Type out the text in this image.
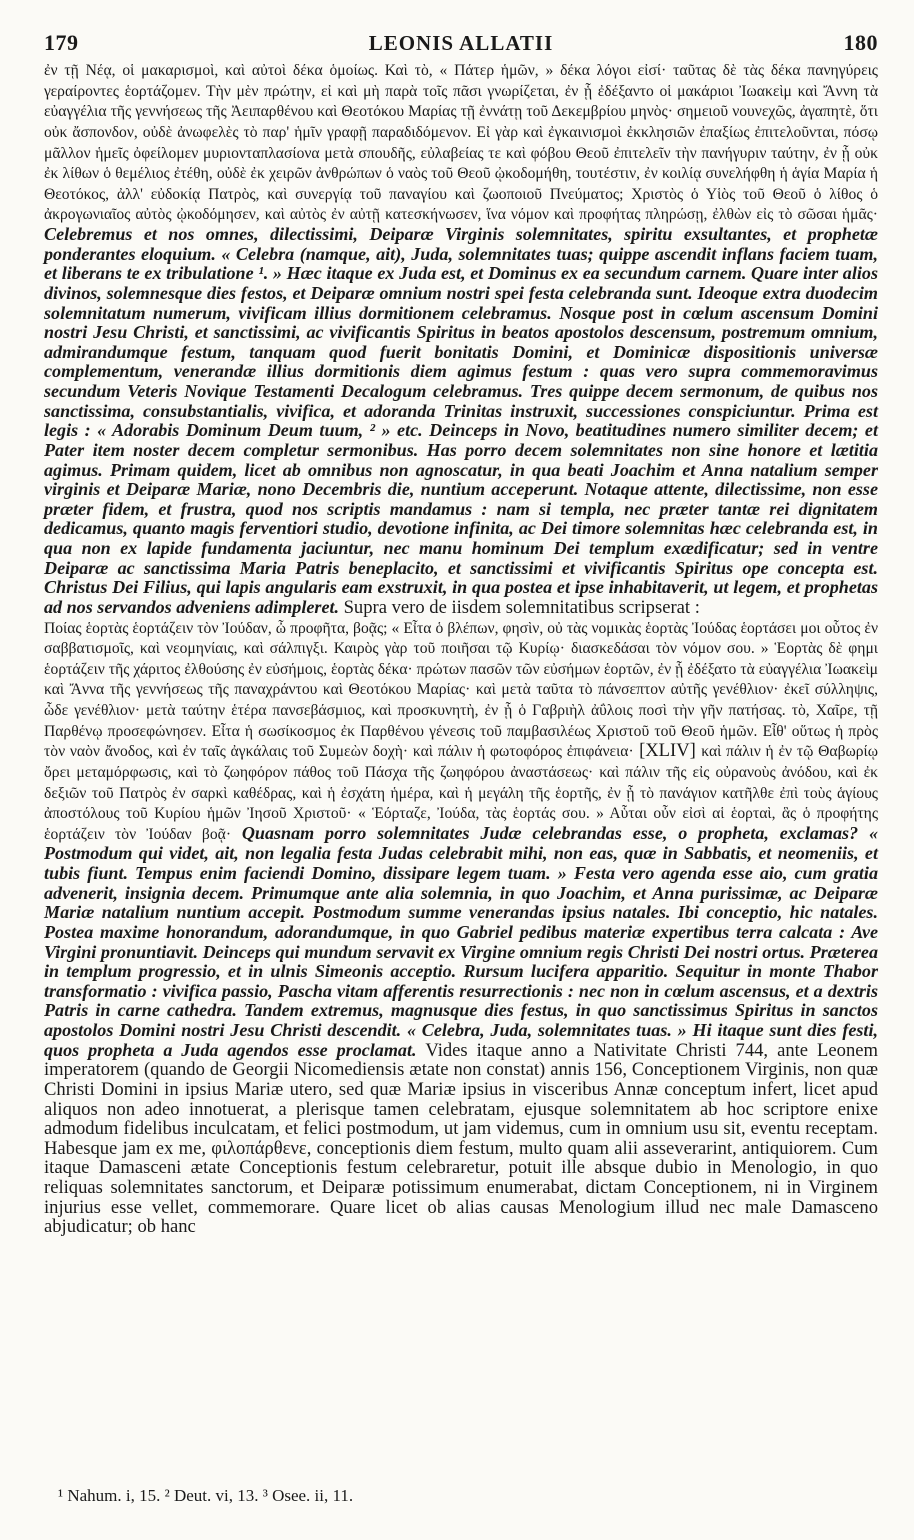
179	LEONIS ALLATII	180

ἐν τῇ Νέᾳ, οἱ μακαρισμοὶ, καὶ αὐτοὶ δέκα ὁμοίως. Καὶ τὸ, « Πάτερ ἡμῶν, » δέκα λόγοι εἰσί· ταῦτας δὲ τὰς δέκα πανηγύρεις γεραίροντες ἑορτάζομεν. Τὴν μὲν πρώτην, εἰ καὶ μὴ παρὰ τοῖς πᾶσι γνωρίζεται, ἐν ᾗ ἐδέξαντο οἱ μακάριοι Ἰωακεὶμ καὶ Ἄννη τὰ εὐαγγέλια τῆς γεννήσεως τῆς Ἀειπαρθένου καὶ Θεοτόκου Μαρίας τῇ ἐννάτῃ τοῦ Δεκεμβρίου μηνὸς· σημειοῦ νουνεχῶς, ἀγαπητὲ, ὅτι οὐκ ἄσπονδον, οὐδὲ ἀνωφελὲς τὸ παρ' ἡμῖν γραφῇ παραδιδόμενον. Εἰ γὰρ καὶ ἐγκαινισμοὶ ἐκκλησιῶν ἐπαξίως ἐπιτελοῦνται, πόσῳ μᾶλλον ἡμεῖς ὀφείλομεν μυριονταπλασίονα μετὰ σπουδῆς, εὐλαβείας τε καὶ φόβου Θεοῦ ἐπιτελεῖν τὴν πανήγυριν ταύτην, ἐν ᾗ οὐκ ἐκ λίθων ὁ θεμέλιος ἐτέθη, οὐδὲ ἐκ χειρῶν ἀνθρώπων ὁ ναὸς τοῦ Θεοῦ ᾠκοδομήθη, τουτέστιν, ἐν κοιλίᾳ συνελήφθη ἡ ἁγία Μαρία ἡ Θεοτόκος, ἀλλ' εὐδοκίᾳ Πατρὸς, καὶ συνεργίᾳ τοῦ παναγίου καὶ ζωοποιοῦ Πνεύματος; Χριστὸς ὁ Υἱὸς τοῦ Θεοῦ ὁ λίθος ὁ ἀκρογωνιαῖος αὐτὸς ᾠκοδόμησεν, καὶ αὐτὸς ἐν αὐτῇ κατεσκήνωσεν, ἵνα νόμον καὶ προφήτας πληρώσῃ, ἐλθὼν εἰς τὸ σῶσαι ἡμᾶς· Celebremus et nos omnes, dilectissimi, Deiparæ Virginis solemnitates, spiritu exsultantes, et prophetæ ponderantes eloquium. « Celebra (namque, ait), Juda, solemnitates tuas; quippe ascendit inflans faciem tuam, et liberans te ex tribulatione ¹. » Hæc itaque ex Juda est, et Dominus ex ea secundum carnem. Quare inter alios divinos, solemnesque dies festos, et Deiparæ omnium nostri spei festa celebranda sunt. Ideoque extra duodecim solemnitatum numerum, vivificam illius dormitionem celebramus. Nosque post in cœlum ascensum Domini nostri Jesu Christi, et sanctissimi, ac vivificantis Spiritus in beatos apostolos descensum, postremum omnium, admirandumque festum, tanquam quod fuerit bonitatis Domini, et Dominicæ dispositionis universæ complementum, venerandæ illius dormitionis diem agimus festum : quas vero supra commemoravimus secundum Veteris Novique Testamenti Decalogum celebramus. Tres quippe decem sermonum, de quibus nos sanctissima, consubstantialis, vivifica, et adoranda Trinitas instruxit, successiones conspiciuntur. Prima est legis : « Adorabis Dominum Deum tuum, ² » etc. Deinceps in Novo, beatitudines numero similiter decem; et Pater item noster decem completur sermonibus. Has porro decem solemnitates non sine honore et lætitia agimus. Primam quidem, licet ab omnibus non agnoscatur, in qua beati Joachim et Anna natalium semper virginis et Deiparæ Mariæ, nono Decembris die, nuntium acceperunt. Notaque attente, dilectissime, non esse præter fidem, et frustra, quod nos scriptis mandamus : nam si templa, nec præter tantæ rei dignitatem dedicamus, quanto magis ferventiori studio, devotione infinita, ac Dei timore solemnitas hæc celebranda est, in qua non ex lapide fundamenta jaciuntur, nec manu hominum Dei templum exædificatur; sed in ventre Deiparæ ac sanctissima Maria Patris beneplacito, et sanctissimi et vivificantis Spiritus ope concepta est. Christus Dei Filius, qui lapis angularis eam exstruxit, in qua postea et ipse inhabitaverit, ut legem, et prophetas ad nos servandos adveniens adimpleret. Supra vero de iisdem solemnitatibus scripserat :

Ποίας ἑορτὰς ἑορτάζειν τὸν Ἰούδαν, ὦ προφῆτα, βοᾷς; « Εἶτα ὁ βλέπων, φησὶν, οὐ τὰς νομικὰς ἑορτὰς Ἰούδας ἑορτάσει μοι οὗτος ἐν σαββατισμοῖς, καὶ νεομηνίαις, καὶ σάλπιγξι. Καιρὸς γὰρ τοῦ ποιῆσαι τῷ Κυρίῳ· διασκεδάσαι τὸν νόμον σου. » Ἑορτὰς δὲ φημι ἑορτάζειν τῆς χάριτος ἐλθούσης ἐν εὐσήμοις, ἑορτὰς δέκα· πρώτων πασῶν τῶν εὐσήμων ἑορτῶν, ἐν ᾗ ἐδέξατο τὰ εὐαγγέλια Ἰωακεὶμ καὶ Ἄννα τῆς γεννήσεως τῆς παναχράντου καὶ Θεοτόκου Μαρίας· καὶ μετὰ ταῦτα τὸ πάνσεπτον αὐτῆς γενέθλιον· ἐκεῖ σύλληψις, ὧδε γενέθλιον· μετὰ ταύτην ἑτέρα πανσεβάσμιος, καὶ προσκυνητὴ, ἐν ᾗ ὁ Γαβριὴλ ἀΰλοις ποσὶ τὴν γῆν πατήσας. τὸ, Χαῖρε, τῇ Παρθένῳ προσεφώνησεν. Εἶτα ἡ σωσίκοσμος ἐκ Παρθένου γένεσις τοῦ παμβασιλέως Χριστοῦ τοῦ Θεοῦ ἡμῶν. Εἶθ' οὕτως ἡ πρὸς τὸν ναὸν ἄνοδος, καὶ ἐν ταῖς ἀγκάλαις τοῦ Συμεὼν δοχὴ· καὶ πάλιν ἡ φωτοφόρος ἐπιφάνεια· [XLIV] καὶ πάλιν ἡ ἐν τῷ Θαβωρίῳ ὄρει μεταμόρφωσις, καὶ τὸ ζωηφόρον πάθος τοῦ Πάσχα τῆς ζωηφόρου ἀναστάσεως· καὶ πάλιν τῆς εἰς οὐρανοὺς ἀνόδου, καὶ ἐκ δεξιῶν τοῦ Πατρὸς ἐν σαρκὶ καθέδρας, καὶ ἡ ἐσχάτη ἡμέρα, καὶ ἡ μεγάλη τῆς ἑορτῆς, ἐν ᾗ τὸ πανάγιον κατῆλθε ἐπὶ τοὺς ἁγίους ἀποστόλους τοῦ Κυρίου ἡμῶν Ἰησοῦ Χριστοῦ· « Ἑόρταζε, Ἰούδα, τὰς ἑορτάς σου. » Αὗται οὖν εἰσὶ αἱ ἑορταὶ, ἃς ὁ προφήτης ἑορτάζειν τὸν Ἰούδαν βοᾷ· Quasnam porro solemnitates Judæ celebrandas esse, o propheta, exclamas? « Postmodum qui videt, ait, non legalia festa Judas celebrabit mihi, non eas, quæ in Sabbatis, et neomeniis, et tubis fiunt. Tempus enim faciendi Domino, dissipare legem tuam. » Festa vero agenda esse aio, cum gratia advenerit, insignia decem. Primumque ante alia solemnia, in quo Joachim, et Anna purissimæ, ac Deiparæ Mariæ natalium nuntium accepit. Postmodum summe venerandas ipsius natales. Ibi conceptio, hic natales. Postea maxime honorandum, adorandumque, in quo Gabriel pedibus materiæ expertibus terra calcata : Ave Virgini pronuntiavit. Deinceps qui mundum servavit ex Virgine omnium regis Christi Dei nostri ortus. Præterea in templum progressio, et in ulnis Simeonis acceptio. Rursum lucifera apparitio. Sequitur in monte Thabor transformatio : vivifica passio, Pascha vitam afferentis resurrectionis : nec non in cœlum ascensus, et a dextris Patris in carne cathedra. Tandem extremus, magnusque dies festus, in quo sanctissimus Spiritus in sanctos apostolos Domini nostri Jesu Christi descendit. « Celebra, Juda, solemnitates tuas. » Hi itaque sunt dies festi, quos propheta a Juda agendos esse proclamat. Vides itaque anno a Nativitate Christi 744, ante Leonem imperatorem (quando de Georgii Nicomediensis ætate non constat) annis 156, Conceptionem Virginis, non quæ Christi Domini in ipsius Mariæ utero, sed quæ Mariæ ipsius in visceribus Annæ conceptum infert, licet apud aliquos non adeo innotuerat, a plerisque tamen celebratam, ejusque solemnitatem ab hoc scriptore enixe admodum fidelibus inculcatam, et felici postmodum, ut jam videmus, cum in omnium usu sit, eventu receptam. Habesque jam ex me, φιλοπάρθενε, conceptionis diem festum, multo quam alii asseverarint, antiquiorem. Cum itaque Damasceni ætate Conceptionis festum celebraretur, potuit ille absque dubio in Menologio, in quo reliquas solemnitates sanctorum, et Deiparæ potissimum enumerabat, dictam Conceptionem, ni in Virginem injurius esse vellet, commemorare. Quare licet ob alias causas Menologium illud nec male Damasceno abjudicatur; ob hanc

¹ Nahum. i, 15. ² Deut. vi, 13. ³ Osee. ii, 11.
